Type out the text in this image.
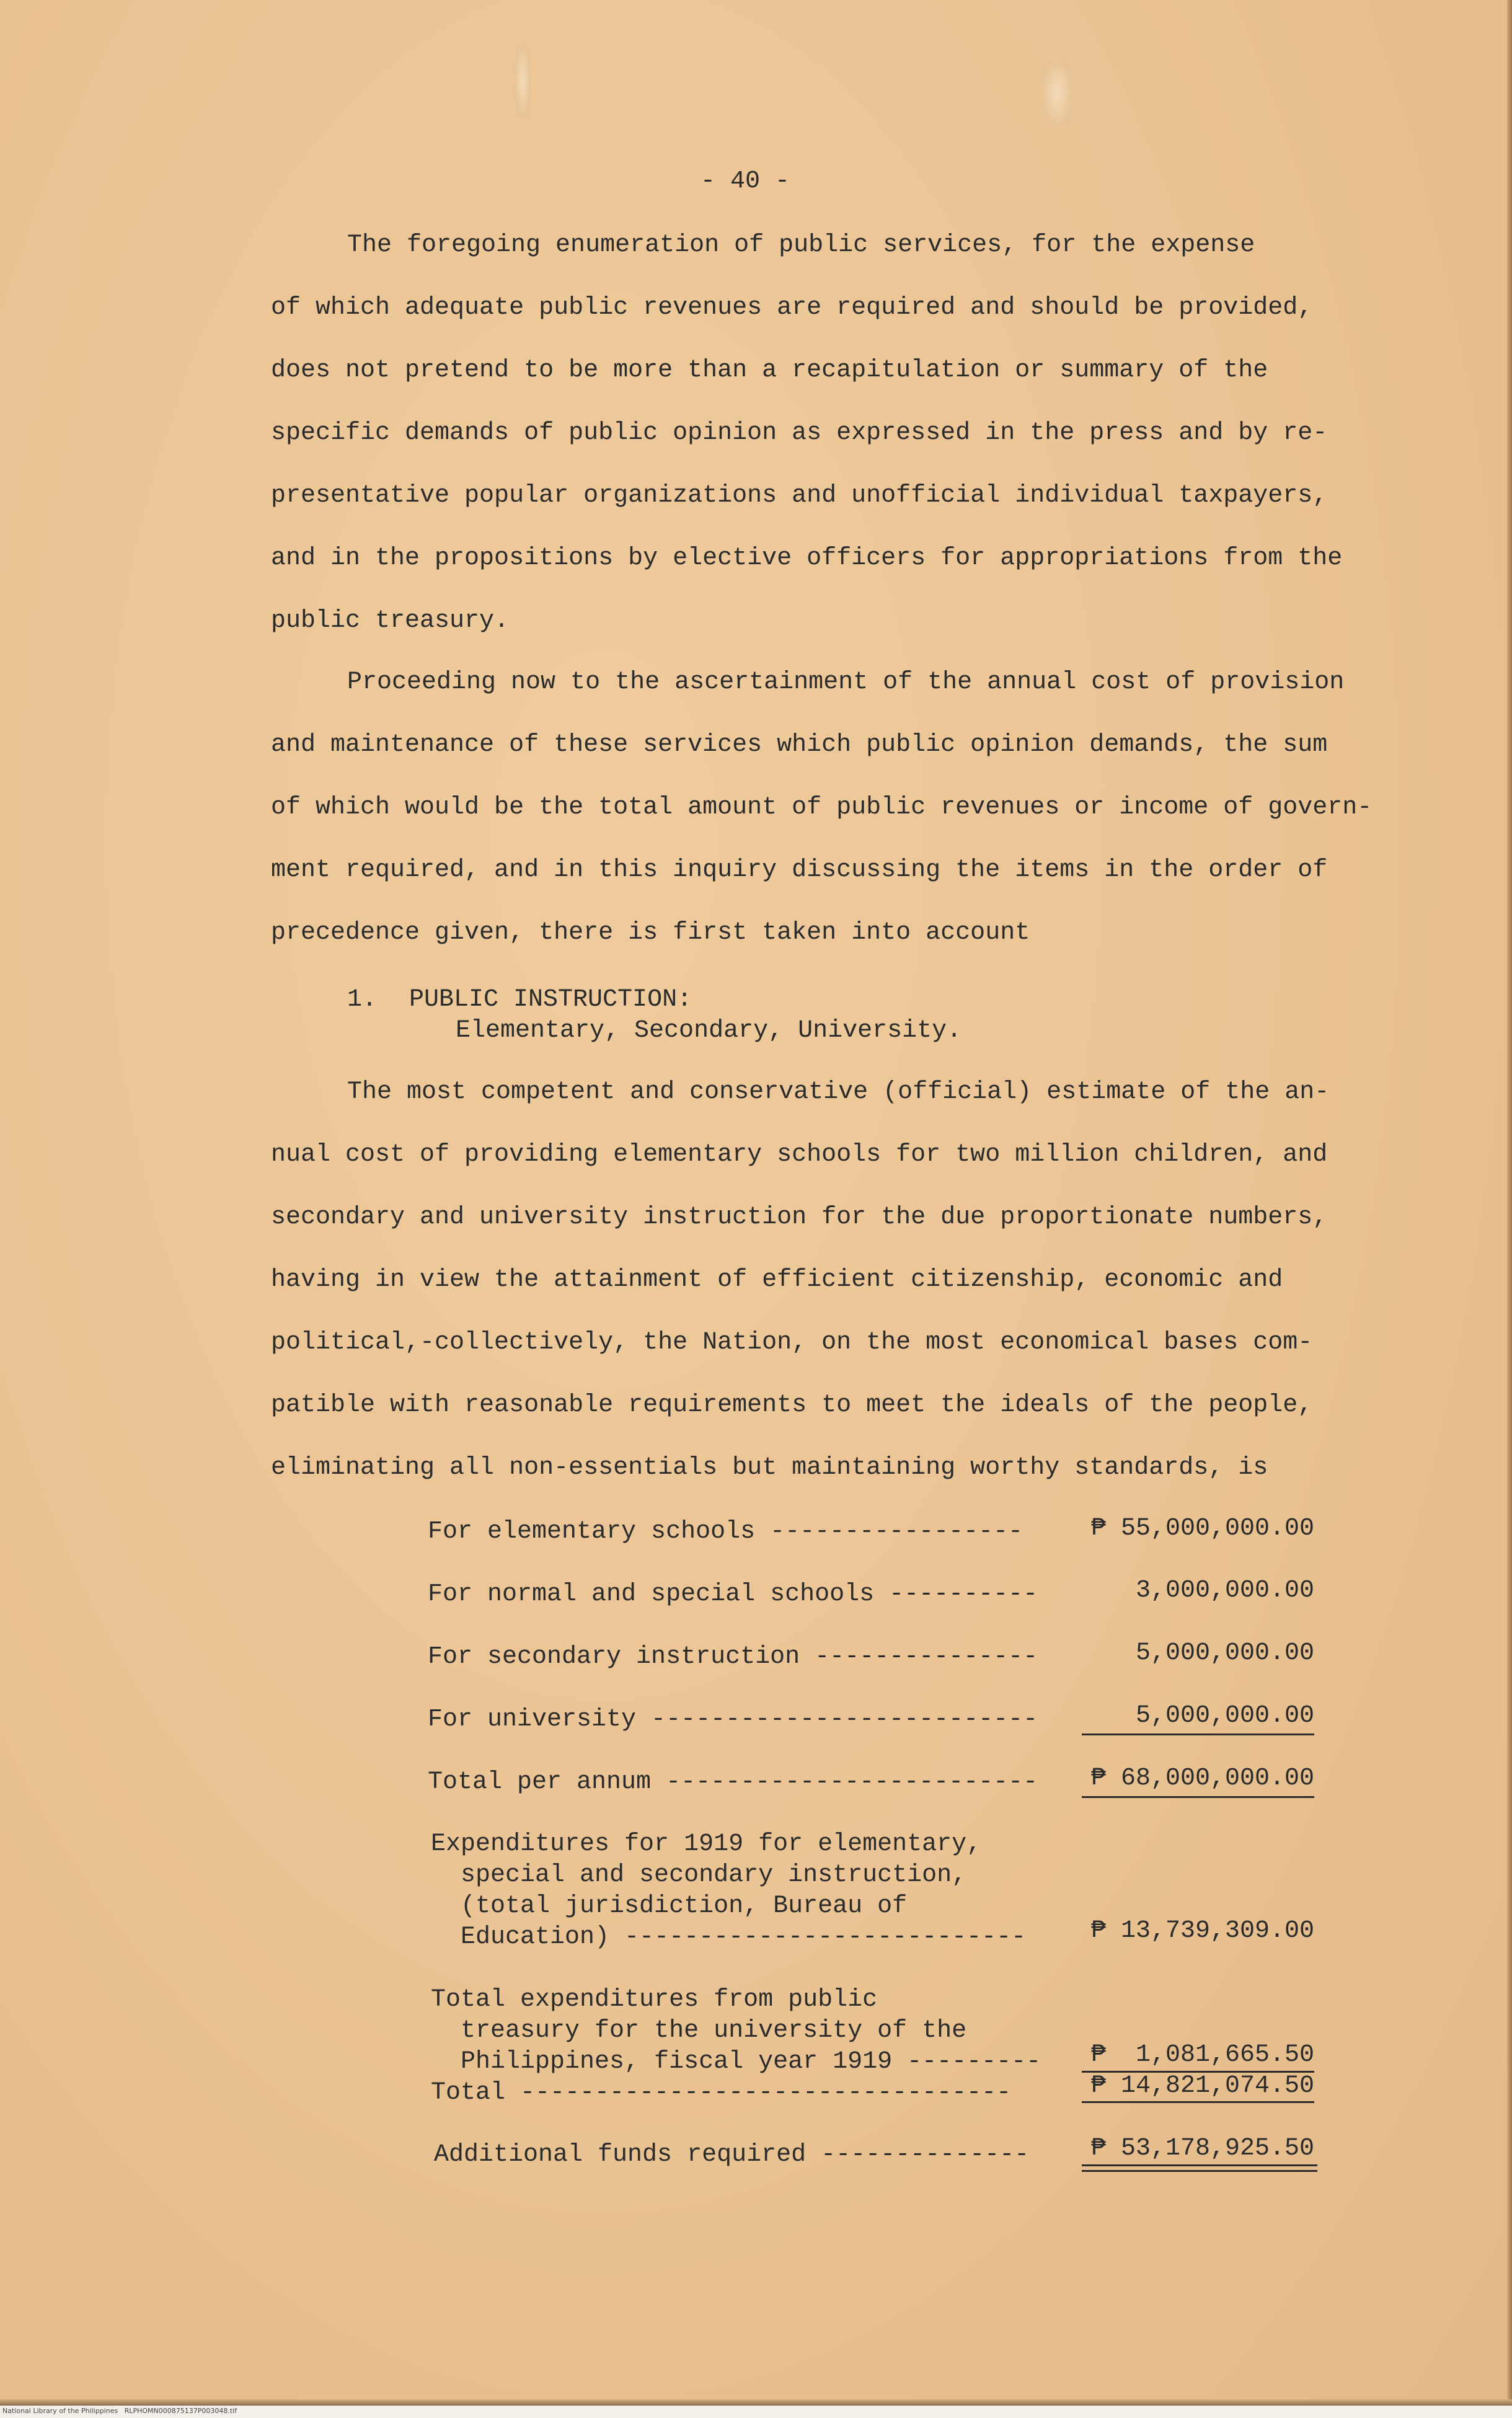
- 40 -
The foregoing enumeration of public services, for the expense
of which adequate public revenues are required and should be provided,
does not pretend to be more than a recapitulation or summary of the
specific demands of public opinion as expressed in the press and by re-
presentative popular organizations and unofficial individual taxpayers,
and in the propositions by elective officers for appropriations from the
public treasury.
Proceeding now to the ascertainment of the annual cost of provision
and maintenance of these services which public opinion demands, the sum
of which would be the total amount of public revenues or income of govern-
ment required, and in this inquiry discussing the items in the order of
precedence given, there is first taken into account
1. PUBLIC INSTRUCTION:
Elementary, Secondary, University.
The most competent and conservative (official) estimate of the an-
nual cost of providing elementary schools for two million children, and
secondary and university instruction for the due proportionate numbers,
having in view the attainment of efficient citizenship, economic and
political,-collectively, the Nation, on the most economical bases com-
patible with reasonable requirements to meet the ideals of the people,
eliminating all non-essentials but maintaining worthy standards, is
For elementary schools -----------------	₱ 55,000,000.00
For normal and special schools ----------	3,000,000.00
For secondary instruction ---------------	5,000,000.00
For university --------------------------	5,000,000.00
Total per annum -------------------------	₱ 68,000,000.00
Expenditures for 1919 for elementary,
special and secondary instruction,
(total jurisdiction, Bureau of
Education) ---------------------------	₱ 13,739,309.00
Total expenditures from public
treasury for the university of the
Philippines, fiscal year 1919 ---------	₱  1,081,665.50
Total ---------------------------------	₱ 14,821,074.50
Additional funds required --------------	₱ 53,178,925.50
National Library of the Philippines   RLPHOMN000875137P003048.tif
